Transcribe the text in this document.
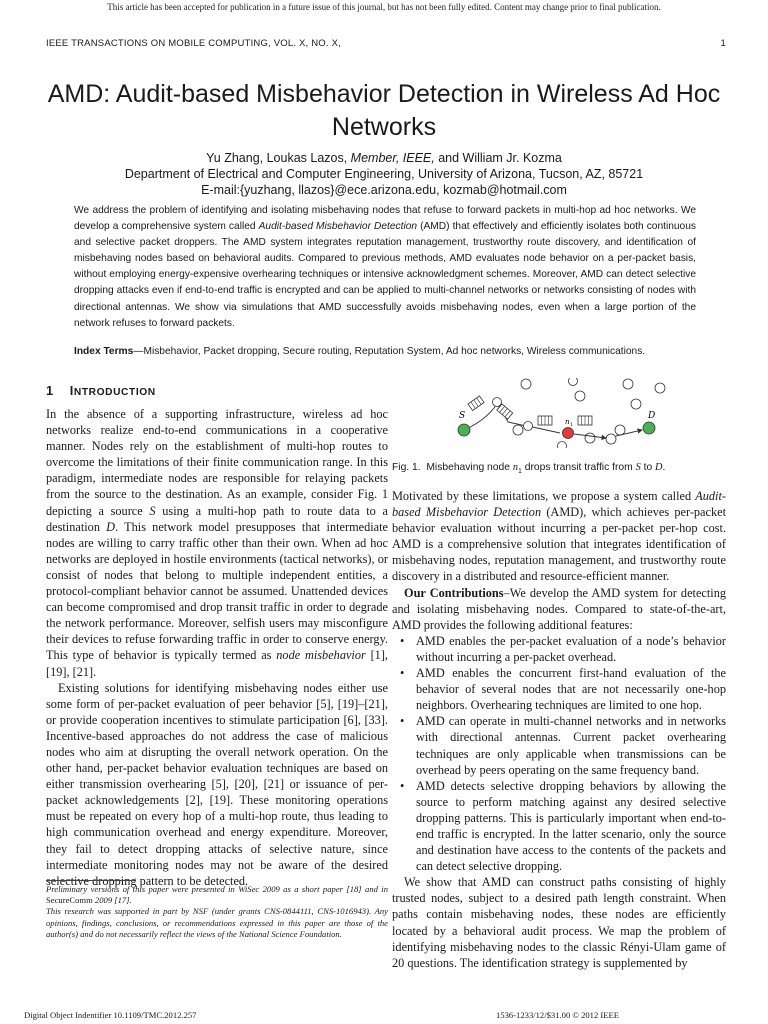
This article has been accepted for publication in a future issue of this journal, but has not been fully edited. Content may change prior to final publication.
IEEE TRANSACTIONS ON MOBILE COMPUTING, VOL. X, NO. X,	1
AMD: Audit-based Misbehavior Detection in Wireless Ad Hoc Networks
Yu Zhang, Loukas Lazos, Member, IEEE, and William Jr. Kozma
Department of Electrical and Computer Engineering, University of Arizona, Tucson, AZ, 85721
E-mail:{yuzhang, llazos}@ece.arizona.edu, kozmab@hotmail.com
We address the problem of identifying and isolating misbehaving nodes that refuse to forward packets in multi-hop ad hoc networks. We develop a comprehensive system called Audit-based Misbehavior Detection (AMD) that effectively and efficiently isolates both continuous and selective packet droppers. The AMD system integrates reputation management, trustworthy route discovery, and identification of misbehaving nodes based on behavioral audits. Compared to previous methods, AMD evaluates node behavior on a per-packet basis, without employing energy-expensive overhearing techniques or intensive acknowledgment schemes. Moreover, AMD can detect selective dropping attacks even if end-to-end traffic is encrypted and can be applied to multi-channel networks or networks consisting of nodes with directional antennas. We show via simulations that AMD successfully avoids misbehaving nodes, even when a large portion of the network refuses to forward packets.
Index Terms—Misbehavior, Packet dropping, Secure routing, Reputation System, Ad hoc networks, Wireless communications.
1 INTRODUCTION

In the absence of a supporting infrastructure, wireless ad hoc networks realize end-to-end communications in a cooperative manner. Nodes rely on the establishment of multi-hop routes to overcome the limitations of their finite communication range. In this paradigm, intermediate nodes are responsible for relaying packets from the source to the destination. As an example, consider Fig. 1 depicting a source S using a multi-hop path to route data to a destination D. This network model presupposes that intermediate nodes are willing to carry traffic other than their own. When ad hoc networks are deployed in hostile environments (tactical networks), or consist of nodes that belong to multiple independent entities, a protocol-compliant behavior cannot be assumed. Unattended devices can become compromised and drop transit traffic in order to degrade the network performance. Moreover, selfish users may misconfigure their devices to refuse forwarding traffic in order to conserve energy. This type of behavior is typically termed as node misbehavior [1], [19], [21].

Existing solutions for identifying misbehaving nodes either use some form of per-packet evaluation of peer behavior [5], [19]–[21], or provide cooperation incentives to stimulate participation [6], [33]. Incentive-based approaches do not address the case of malicious nodes who aim at disrupting the overall network operation. On the other hand, per-packet behavior evaluation techniques are based on either transmission overhearing [5], [20], [21] or issuance of per-packet acknowledgements [2], [19]. These monitoring operations must be repeated on every hop of a multi-hop route, thus leading to high communication overhead and energy expenditure. Moreover, they fail to detect dropping attacks of selective nature, since intermediate monitoring nodes may not be aware of the desired selective dropping pattern to be detected.

Preliminary versions of this paper were presented in WiSec 2009 as a short paper [18] and in SecureComm 2009 [17].

This research was supported in part by NSF (under grants CNS-0844111, CNS-1016943). Any opinions, findings, conclusions, or recommendations expressed in this paper are those of the author(s) and do not necessarily reflect the views of the National Science Foundation.

S	D
n 1
Fig. 1. Misbehaving node $n_1$ drops transit traffic from S to D.

Motivated by these limitations, we propose a system called Audit-based Misbehavior Detection (AMD), which achieves per-packet behavior evaluation without incurring a per-packet per-hop cost. AMD is a comprehensive solution that integrates identification of misbehaving nodes, reputation management, and trustworthy route discovery in a distributed and resource-efficient manner.

Our Contributions–We develop the AMD system for detecting and isolating misbehaving nodes. Compared to state-of-the-art, AMD provides the following additional features:

• AMD enables the per-packet evaluation of a node’s behavior without incurring a per-packet overhead.
• AMD enables the concurrent first-hand evaluation of the behavior of several nodes that are not necessarily one-hop neighbors. Overhearing techniques are limited to one hop.
• AMD can operate in multi-channel networks and in networks with directional antennas. Current packet overhearing techniques are only applicable when transmissions can be overhead by peers operating on the same frequency band.
• AMD detects selective dropping behaviors by allowing the source to perform matching against any desired selective dropping patterns. This is particularly important when end-to-end traffic is encrypted. In the latter scenario, only the source and destination have access to the contents of the packets and can detect selective dropping.

We show that AMD can construct paths consisting of highly trusted nodes, subject to a desired path length constraint. When paths contain misbehaving nodes, these nodes are efficiently located by a behavioral audit process. We map the problem of identifying misbehaving nodes to the classic Rényi-Ulam game of 20 questions. The identification strategy is supplemented by

Digital Object Indentifier 10.1109/TMC.2012.257	1536-1233/12/$31.00 © 2012 IEEE
